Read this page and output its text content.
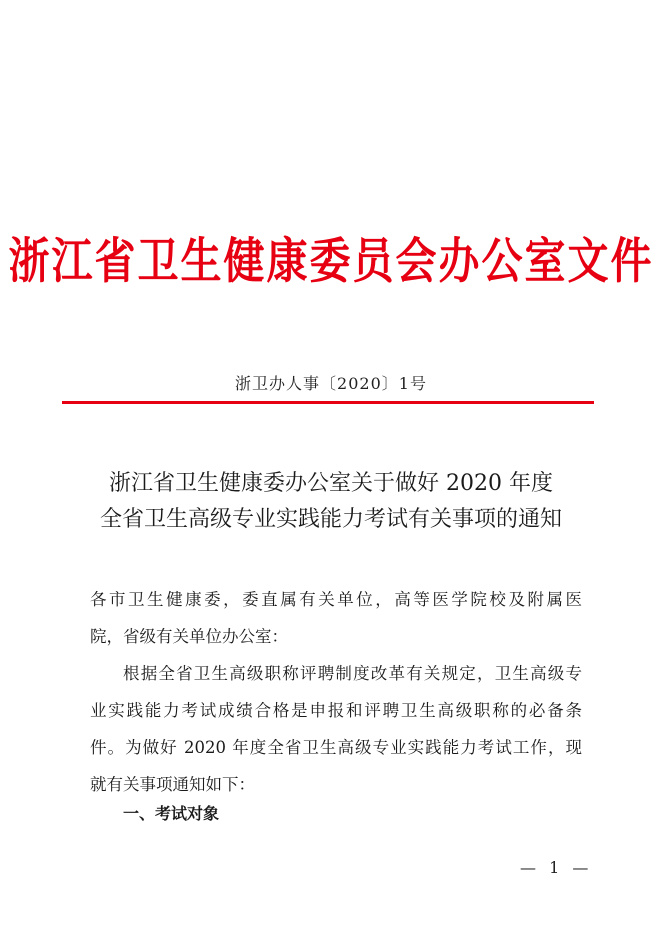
浙江省卫生健康委员会办公室文件
浙卫办人事〔2020〕1号
浙江省卫生健康委办公室关于做好 2020 年度
全省卫生高级专业实践能力考试有关事项的通知
各市卫生健康委，委直属有关单位，高等医学院校及附属医
院，省级有关单位办公室：
根据全省卫生高级职称评聘制度改革有关规定，卫生高级专
业实践能力考试成绩合格是申报和评聘卫生高级职称的必备条
件。为做好 2020 年度全省卫生高级专业实践能力考试工作，现
就有关事项通知如下：
一、考试对象
— 1 —
